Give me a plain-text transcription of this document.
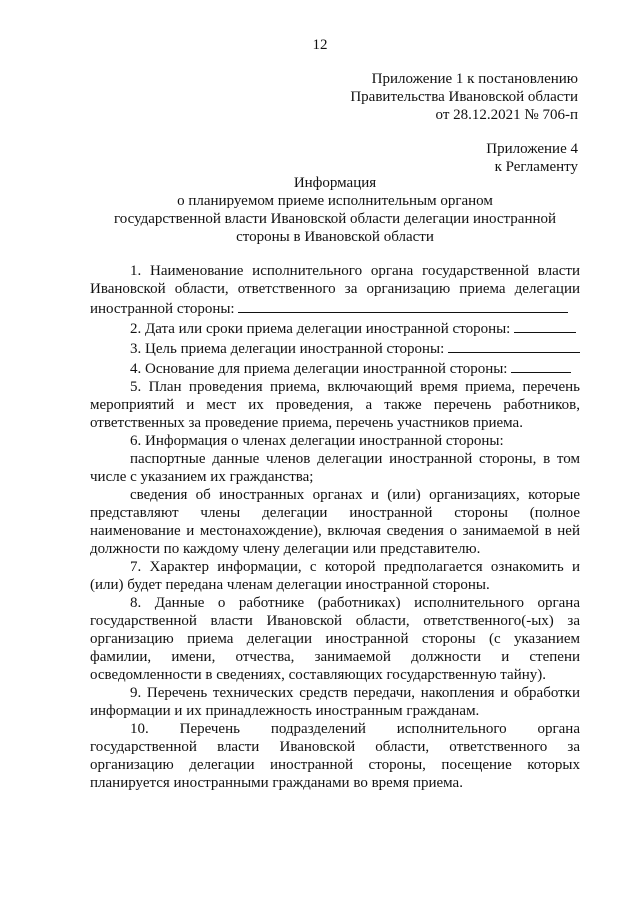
12
Приложение 1 к постановлению
Правительства Ивановской области
от 28.12.2021 № 706-п
Приложение 4
к Регламенту
Информация
о планируемом приеме исполнительным органом
государственной власти Ивановской области делегации иностранной
стороны в Ивановской области

1. Наименование исполнительного органа государственной власти Ивановской области, ответственного за организацию приема делегации иностранной стороны:

2. Дата или сроки приема делегации иностранной стороны:

3. Цель приема делегации иностранной стороны:

4. Основание для приема делегации иностранной стороны:

5. План проведения приема, включающий время приема, перечень мероприятий и мест их проведения, а также перечень работников, ответственных за проведение приема, перечень участников приема.

6. Информация о членах делегации иностранной стороны:

паспортные данные членов делегации иностранной стороны, в том числе с указанием их гражданства;

сведения об иностранных органах и (или) организациях, которые представляют члены делегации иностранной стороны (полное наименование и местонахождение), включая сведения о занимаемой в ней должности по каждому члену делегации или представителю.

7. Характер информации, с которой предполагается ознакомить и (или) будет передана членам делегации иностранной стороны.

8. Данные о работнике (работниках) исполнительного органа государственной власти Ивановской области, ответственного(-ых) за организацию приема делегации иностранной стороны (с указанием фамилии, имени, отчества, занимаемой должности и степени осведомленности в сведениях, составляющих государственную тайну).

9. Перечень технических средств передачи, накопления и обработки информации и их принадлежность иностранным гражданам.

10. Перечень подразделений исполнительного органа государственной власти Ивановской области, ответственного за организацию делегации иностранной стороны, посещение которых планируется иностранными гражданами во время приема.
